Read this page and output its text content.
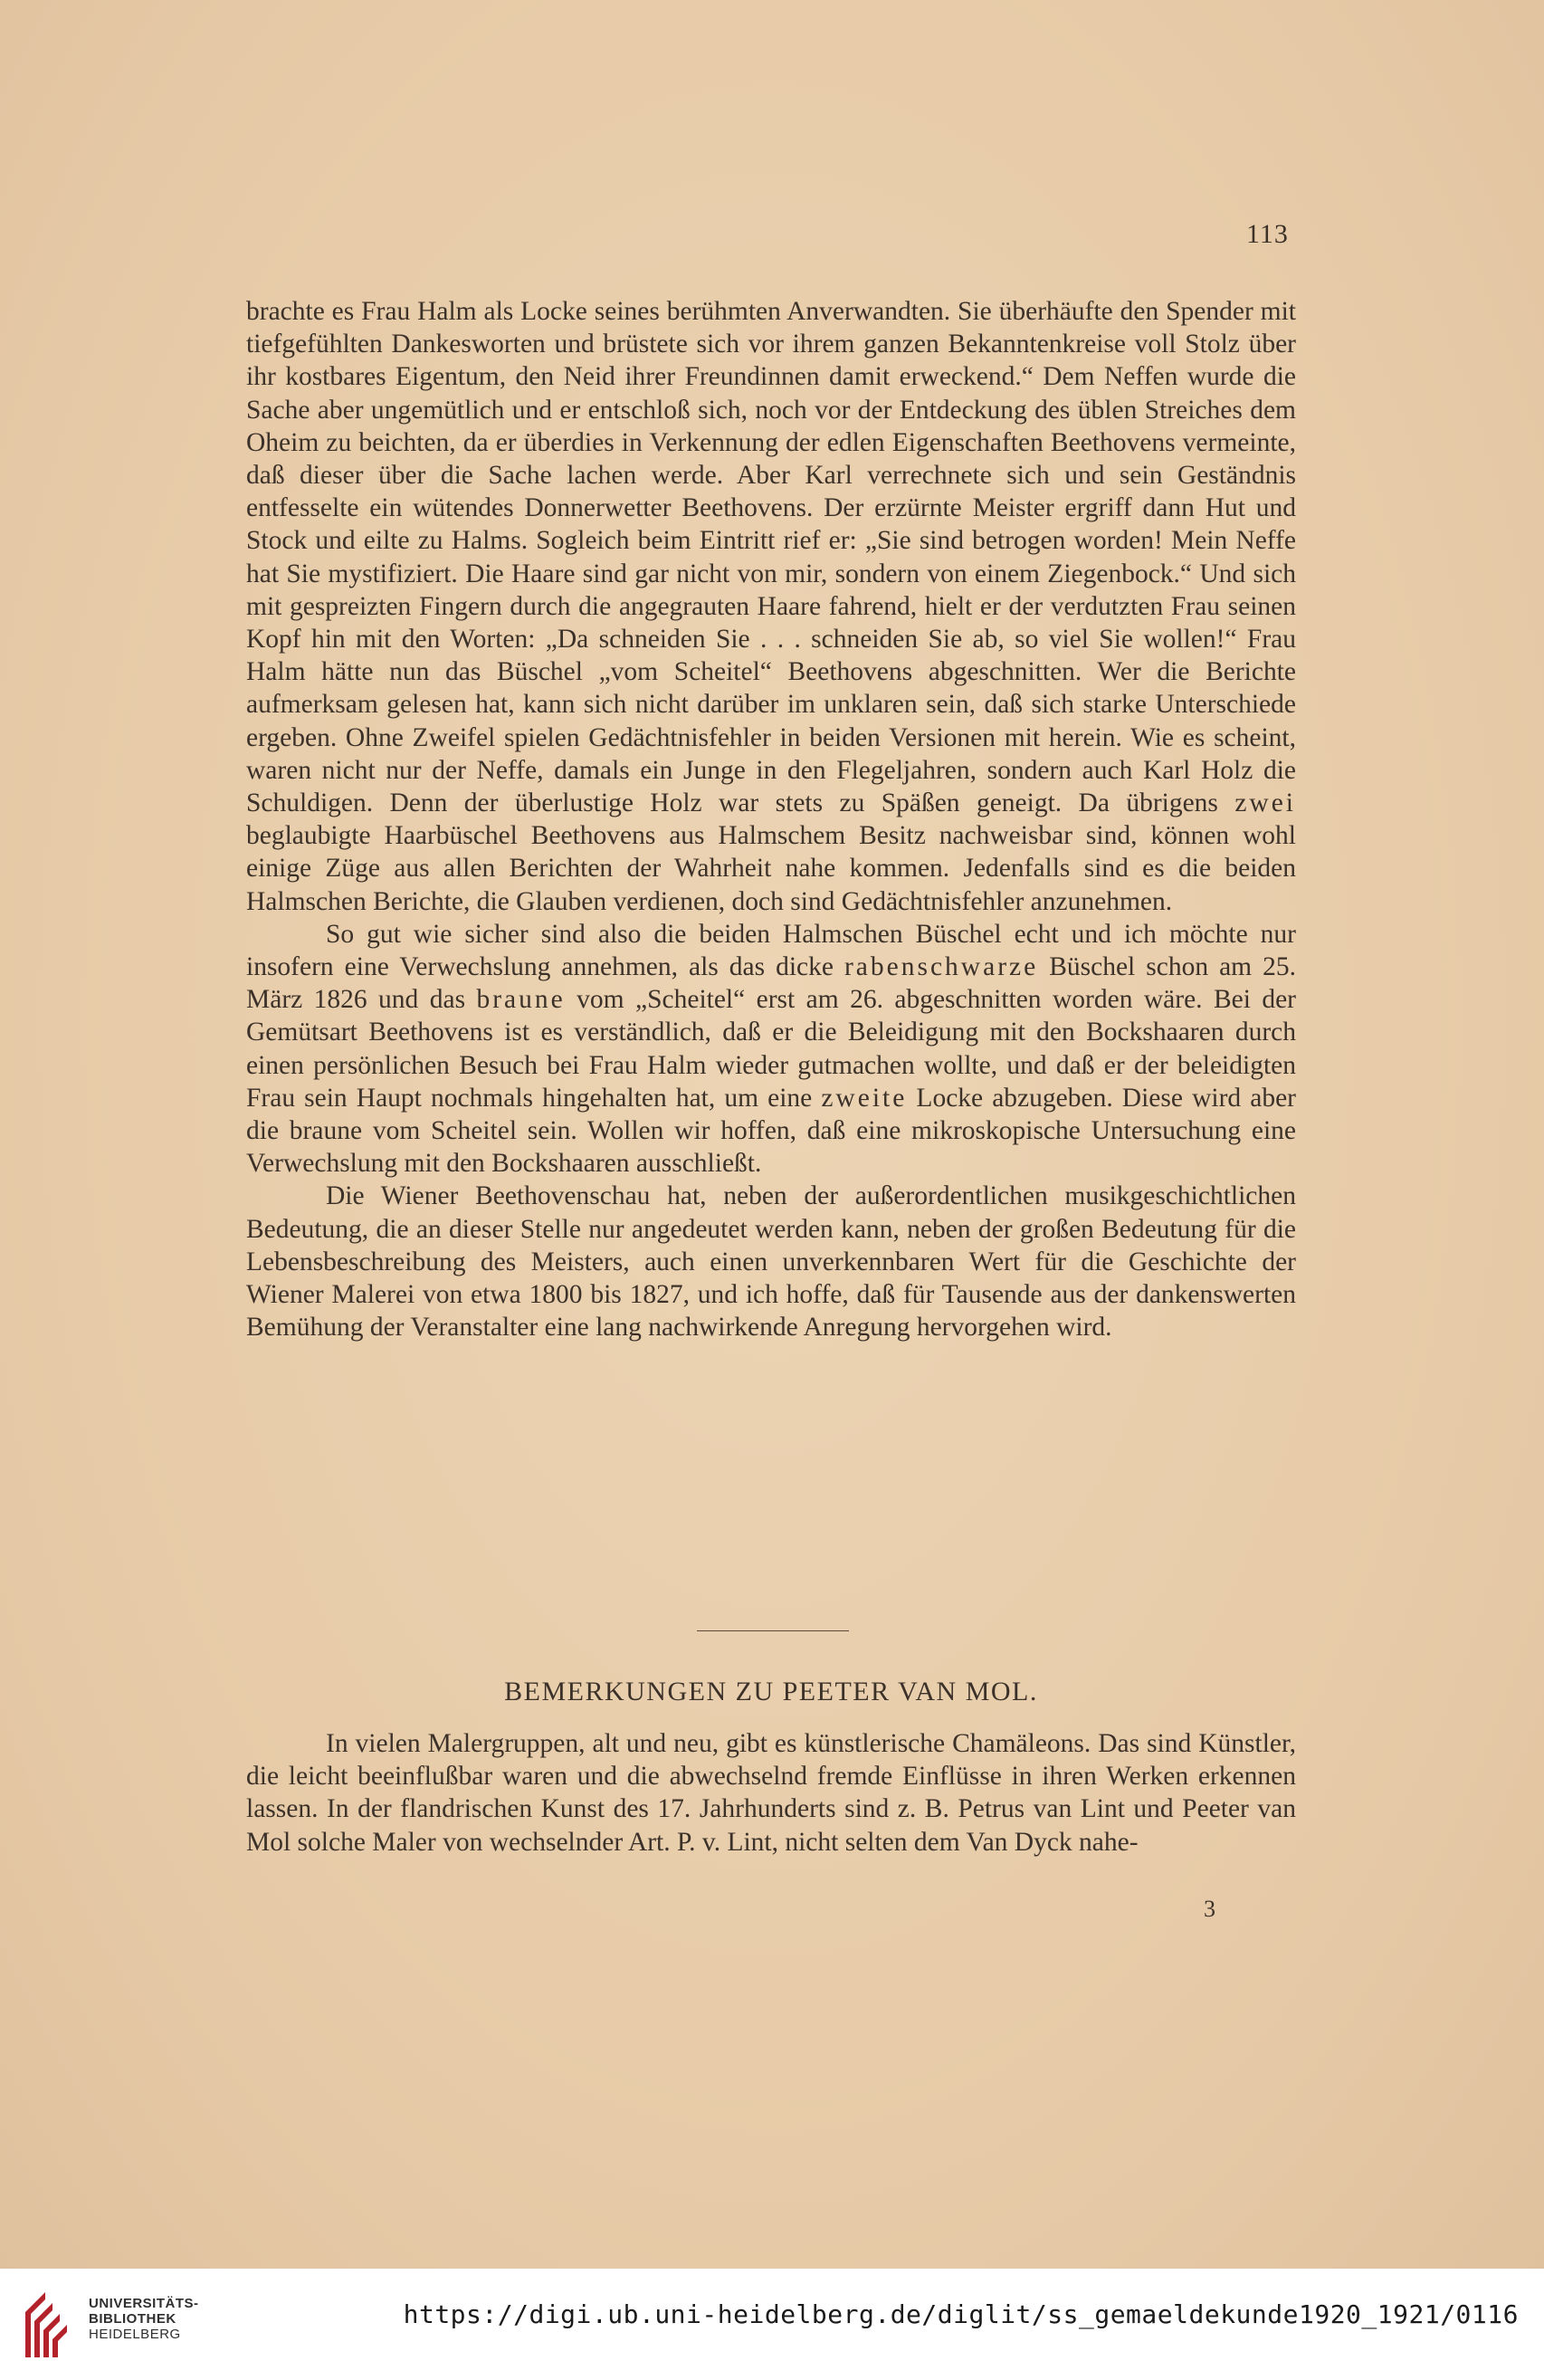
113

brachte es Frau Halm als Locke seines berühmten Anverwandten. Sie überhäufte den Spender mit tiefgefühlten Dankesworten und brüstete sich vor ihrem ganzen Bekanntenkreise voll Stolz über ihr kostbares Eigentum, den Neid ihrer Freundinnen damit erweckend.“ Dem Neffen wurde die Sache aber ungemütlich und er entschloß sich, noch vor der Entdeckung des üblen Streiches dem Oheim zu beichten, da er überdies in Verkennung der edlen Eigenschaften Beethovens vermeinte, daß dieser über die Sache lachen werde. Aber Karl verrechnete sich und sein Geständnis entfesselte ein wütendes Donnerwetter Beethovens. Der erzürnte Meister ergriff dann Hut und Stock und eilte zu Halms. Sogleich beim Eintritt rief er: „Sie sind betrogen worden! Mein Neffe hat Sie mystifiziert. Die Haare sind gar nicht von mir, sondern von einem Ziegenbock.“ Und sich mit gespreizten Fingern durch die angegrauten Haare fahrend, hielt er der verdutzten Frau seinen Kopf hin mit den Worten: „Da schneiden Sie . . . schneiden Sie ab, so viel Sie wollen!“ Frau Halm hätte nun das Büschel „vom Scheitel“ Beethovens abgeschnitten. Wer die Berichte aufmerksam gelesen hat, kann sich nicht darüber im unklaren sein, daß sich starke Unterschiede ergeben. Ohne Zweifel spielen Gedächtnisfehler in beiden Versionen mit herein. Wie es scheint, waren nicht nur der Neffe, damals ein Junge in den Flegeljahren, sondern auch Karl Holz die Schuldigen. Denn der überlustige Holz war stets zu Späßen geneigt. Da übrigens zwei beglaubigte Haarbüschel Beethovens aus Halmschem Besitz nachweisbar sind, können wohl einige Züge aus allen Berichten der Wahrheit nahe kommen. Jedenfalls sind es die beiden Halmschen Berichte, die Glauben verdienen, doch sind Gedächtnisfehler anzunehmen.

So gut wie sicher sind also die beiden Halmschen Büschel echt und ich möchte nur insofern eine Verwechslung annehmen, als das dicke rabenschwarze Büschel schon am 25. März 1826 und das braune vom „Scheitel“ erst am 26. abgeschnitten worden wäre. Bei der Gemütsart Beethovens ist es verständlich, daß er die Beleidigung mit den Bockshaaren durch einen persönlichen Besuch bei Frau Halm wieder gutmachen wollte, und daß er der beleidigten Frau sein Haupt nochmals hingehalten hat, um eine zweite Locke abzugeben. Diese wird aber die braune vom Scheitel sein. Wollen wir hoffen, daß eine mikroskopische Untersuchung eine Verwechslung mit den Bockshaaren ausschließt.

Die Wiener Beethovenschau hat, neben der außerordentlichen musikgeschichtlichen Bedeutung, die an dieser Stelle nur angedeutet werden kann, neben der großen Bedeutung für die Lebensbeschreibung des Meisters, auch einen unverkennbaren Wert für die Geschichte der Wiener Malerei von etwa 1800 bis 1827, und ich hoffe, daß für Tausende aus der dankenswerten Bemühung der Veranstalter eine lang nachwirkende Anregung hervorgehen wird.

BEMERKUNGEN ZU PEETER VAN MOL.

In vielen Malergruppen, alt und neu, gibt es künstlerische Chamäleons. Das sind Künstler, die leicht beeinflußbar waren und die abwechselnd fremde Einflüsse in ihren Werken erkennen lassen. In der flandrischen Kunst des 17. Jahrhunderts sind z. B. Petrus van Lint und Peeter van Mol solche Maler von wechselnder Art. P. v. Lint, nicht selten dem Van Dyck nahe-

3
UNIVERSITÄTS-
BIBLIOTHEK
HEIDELBERG
https://digi.ub.uni-heidelberg.de/diglit/ss_gemaeldekunde1920_1921/0116
